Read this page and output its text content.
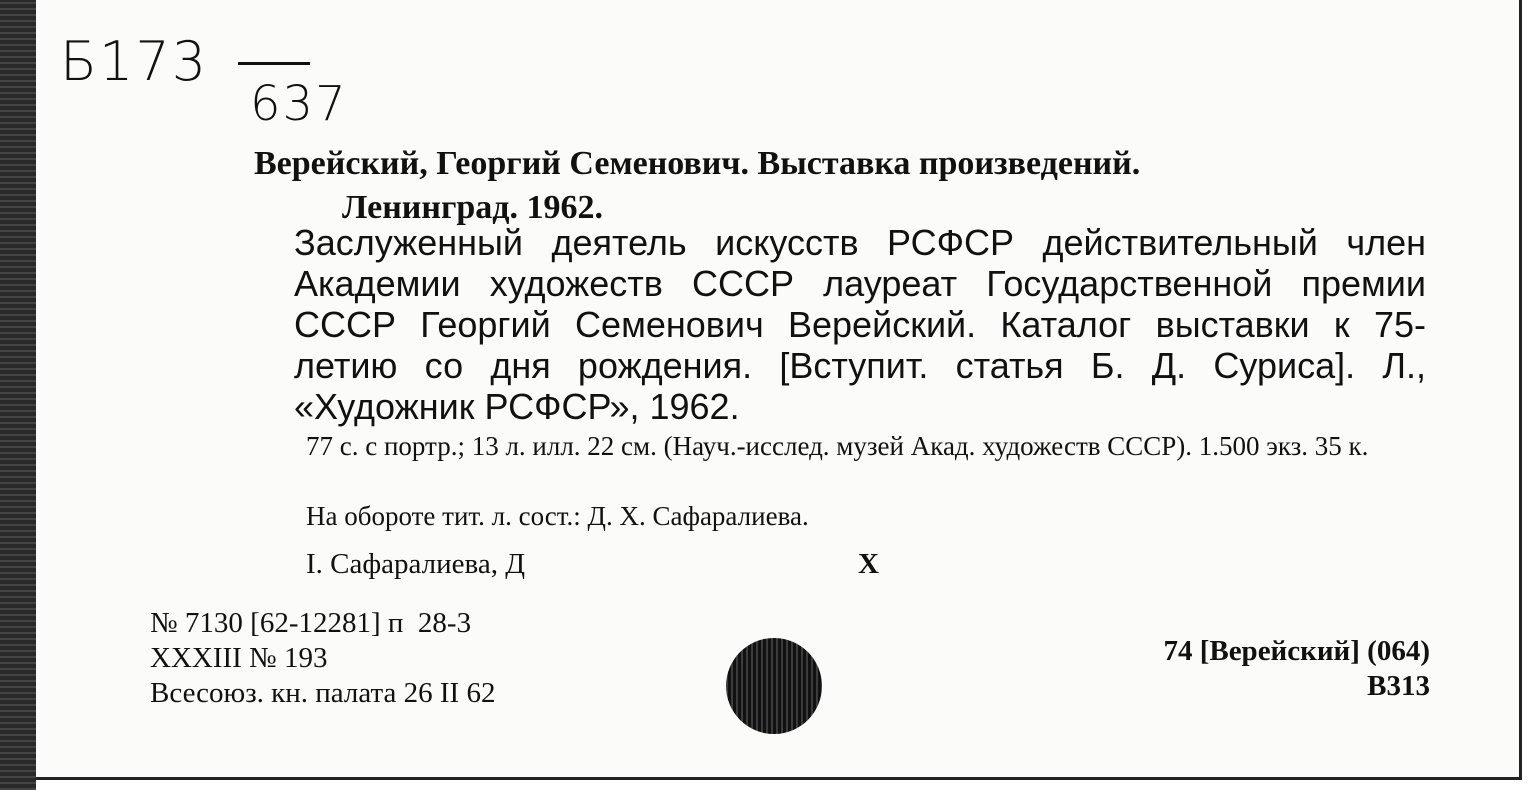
Б173
637
Верейский, Георгий Семенович. Выставка произведений.
Ленинград. 1962.
Заслуженный деятель искусств РСФСР действительный член Академии художеств СССР лауреат Государственной премии СССР Георгий Семенович Верейский. Каталог выставки к 75-летию со дня рождения. [Вступит. статья Б. Д. Суриса]. Л., «Художник РСФСР», 1962.
77 с. с портр.; 13 л. илл. 22 см. (Науч.-исслед. музей Акад. художеств СССР). 1.500 экз. 35 к.
На обороте тит. л. сост.: Д. Х. Сафаралиева.
I. Сафаралиева, Д	Х
№ 7130 [62-12281] п  28-3
XXXIII № 193
Всесоюз. кн. палата 26 II 62
74 [Верейский] (064)
В313
